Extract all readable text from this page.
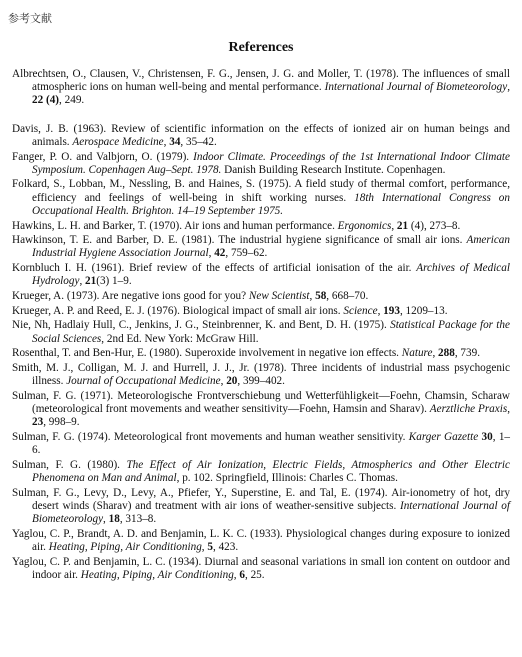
参考文献
References

Albrechtsen, O., Clausen, V., Christensen, F. G., Jensen, J. G. and Moller, T. (1978). The influences of small atmospheric ions on human well-being and mental performance. International Journal of Biometeorology, 22 (4), 249.

Davis, J. B. (1963). Review of scientific information on the effects of ionized air on human beings and animals. Aerospace Medicine, 34, 35–42.

Fanger, P. O. and Valbjorn, O. (1979). Indoor Climate. Proceedings of the 1st International Indoor Climate Symposium. Copenhagen Aug–Sept. 1978. Danish Building Research Institute. Copenhagen.

Folkard, S., Lobban, M., Nessling, B. and Haines, S. (1975). A field study of thermal comfort, performance, efficiency and feelings of well-being in shift working nurses. 18th International Congress on Occupational Health. Brighton. 14–19 September 1975.

Hawkins, L. H. and Barker, T. (1970). Air ions and human performance. Ergonomics, 21 (4), 273–8.

Hawkinson, T. E. and Barber, D. E. (1981). The industrial hygiene significance of small air ions. American Industrial Hygiene Association Journal, 42, 759–62.

Kornbluch I. H. (1961). Brief review of the effects of artificial ionisation of the air. Archives of Medical Hydrology, 21(3) 1–9.

Krueger, A. (1973). Are negative ions good for you? New Scientist, 58, 668–70.

Krueger, A. P. and Reed, E. J. (1976). Biological impact of small air ions. Science, 193, 1209–13.

Nie, Nh, Hadlaiy Hull, C., Jenkins, J. G., Steinbrenner, K. and Bent, D. H. (1975). Statistical Package for the Social Sciences, 2nd Ed. New York: McGraw Hill.

Rosenthal, T. and Ben-Hur, E. (1980). Superoxide involvement in negative ion effects. Nature, 288, 739.

Smith, M. J., Colligan, M. J. and Hurrell, J. J., Jr. (1978). Three incidents of industrial mass psychogenic illness. Journal of Occupational Medicine, 20, 399–402.

Sulman, F. G. (1971). Meteorologische Frontverschiebung und Wetterfühligkeit—Foehn, Chamsin, Scharaw (meteorological front movements and weather sensitivity—Foehn, Hamsin and Sharav). Aerztliche Praxis, 23, 998–9.

Sulman, F. G. (1974). Meteorological front movements and human weather sensitivity. Karger Gazette 30, 1–6.

Sulman, F. G. (1980). The Effect of Air Ionization, Electric Fields, Atmospherics and Other Electric Phenomena on Man and Animal, p. 102. Springfield, Illinois: Charles C. Thomas.

Sulman, F. G., Levy, D., Levy, A., Pfiefer, Y., Superstine, E. and Tal, E. (1974). Air-ionometry of hot, dry desert winds (Sharav) and treatment with air ions of weather-sensitive subjects. International Journal of Biometeorology, 18, 313–8.

Yaglou, C. P., Brandt, A. D. and Benjamin, L. K. C. (1933). Physiological changes during exposure to ionized air. Heating, Piping, Air Conditioning, 5, 423.

Yaglou, C. P. and Benjamin, L. C. (1934). Diurnal and seasonal variations in small ion content on outdoor and indoor air. Heating, Piping, Air Conditioning, 6, 25.
